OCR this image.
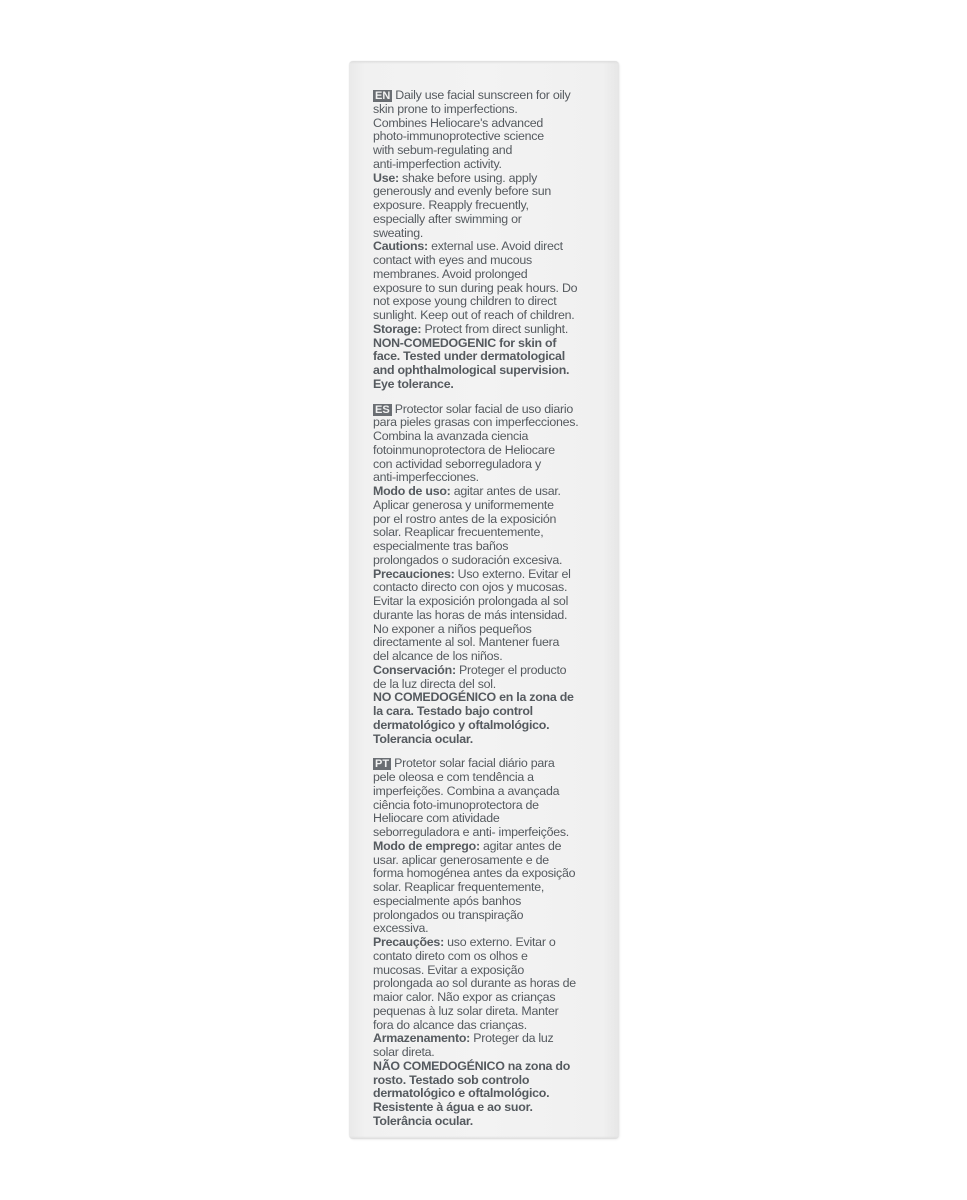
EN Daily use facial sunscreen for oily
skin prone to imperfections.
Combines Heliocare's advanced
photo-immunoprotective science
with sebum-regulating and
anti-imperfection activity.
Use: shake before using. apply
generously and evenly before sun
exposure. Reapply frecuently,
especially after swimming or
sweating.
Cautions: external use. Avoid direct
contact with eyes and mucous
membranes. Avoid prolonged
exposure to sun during peak hours. Do
not expose young children to direct
sunlight. Keep out of reach of children.
Storage: Protect from direct sunlight.
NON-COMEDOGENIC for skin of
face. Tested under dermatological
and ophthalmological supervision.
Eye tolerance.
ES Protector solar facial de uso diario
para pieles grasas con imperfecciones.
Combina la avanzada ciencia
fotoinmunoprotectora de Heliocare
con actividad seborreguladora y
anti-imperfecciones.
Modo de uso: agitar antes de usar.
Aplicar generosa y uniformemente
por el rostro antes de la exposición
solar. Reaplicar frecuentemente,
especialmente tras baños
prolongados o sudoración excesiva.
Precauciones: Uso externo. Evitar el
contacto directo con ojos y mucosas.
Evitar la exposición prolongada al sol
durante las horas de más intensidad.
No exponer a niños pequeños
directamente al sol. Mantener fuera
del alcance de los niños.
Conservación: Proteger el producto
de la luz directa del sol.
NO COMEDOGÉNICO en la zona de
la cara. Testado bajo control
dermatológico y oftalmológico.
Tolerancia ocular.
PT Protetor solar facial diário para
pele oleosa e com tendência a
imperfeições. Combina a avançada
ciência foto-imunoprotectora de
Heliocare com atividade
seborreguladora e anti- imperfeições.
Modo de emprego: agitar antes de
usar. aplicar generosamente e de
forma homogénea antes da exposição
solar. Reaplicar frequentemente,
especialmente após banhos
prolongados ou transpiração
excessiva.
Precauções: uso externo. Evitar o
contato direto com os olhos e
mucosas. Evitar a exposição
prolongada ao sol durante as horas de
maior calor. Não expor as crianças
pequenas à luz solar direta. Manter
fora do alcance das crianças.
Armazenamento: Proteger da luz
solar direta.
NÃO COMEDOGÉNICO na zona do
rosto. Testado sob controlo
dermatológico e oftalmológico.
Resistente à água e ao suor.
Tolerância ocular.
